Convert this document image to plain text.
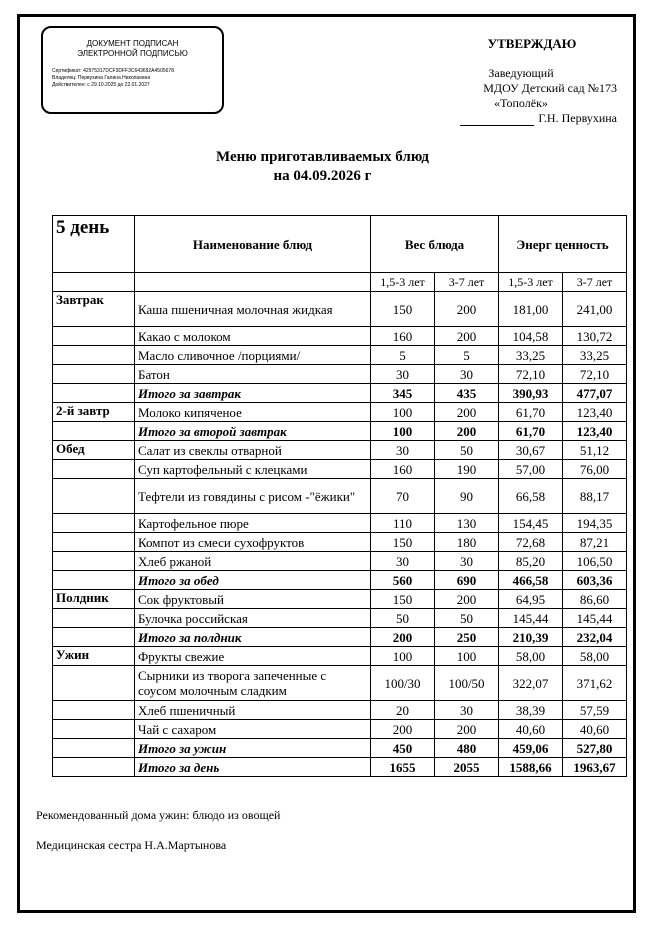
ДОКУМЕНТ ПОДПИСАН
ЭЛЕКТРОННОЙ ПОДПИСЬЮ
Сертификат: 42975317DCF3DFF3C643692A4505678
Владелец: Первухина Галина Николаевна
Действителен: с 29.10.2025 до 22.01.2027
УТВЕРЖДАЮ
Заведующий
МДОУ Детский сад №173
«Тополёк»
Г.Н. Первухина
Меню приготавливаемых блюд
на 04.09.2026 г
5 день	Наименование блюд	Вес блюда		Энерг ценность	
		1,5-3 лет	3-7 лет	1,5-3 лет	3-7 лет
Завтрак	Каша пшеничная молочная жидкая	150	200	181,00	241,00
	Какао с молоком	160	200	104,58	130,72
	Масло сливочное /порциями/	5	5	33,25	33,25
	Батон	30	30	72,10	72,10
	Итого за завтрак	345	435	390,93	477,07
2-й завтр	Молоко кипяченое	100	200	61,70	123,40
	Итого за второй завтрак	100	200	61,70	123,40
Обед	Салат из свеклы отварной	30	50	30,67	51,12
	Суп картофельный с клецками	160	190	57,00	76,00
	Тефтели из говядины с рисом -"ёжики"	70	90	66,58	88,17
	Картофельное пюре	110	130	154,45	194,35
	Компот из смеси сухофруктов	150	180	72,68	87,21
	Хлеб ржаной	30	30	85,20	106,50
	Итого за обед	560	690	466,58	603,36
Полдник	Сок фруктовый	150	200	64,95	86,60
	Булочка российская	50	50	145,44	145,44
	Итого за полдник	200	250	210,39	232,04
Ужин	Фрукты свежие	100	100	58,00	58,00
	Сырники из творога запеченные с соусом молочным сладким	100/30	100/50	322,07	371,62
	Хлеб пшеничный	20	30	38,39	57,59
	Чай с сахаром	200	200	40,60	40,60
	Итого за ужин	450	480	459,06	527,80
	Итого за день	1655	2055	1588,66	1963,67
Рекомендованный дома ужин: блюдо из овощей
Медицинская сестра Н.А.Мартынова
